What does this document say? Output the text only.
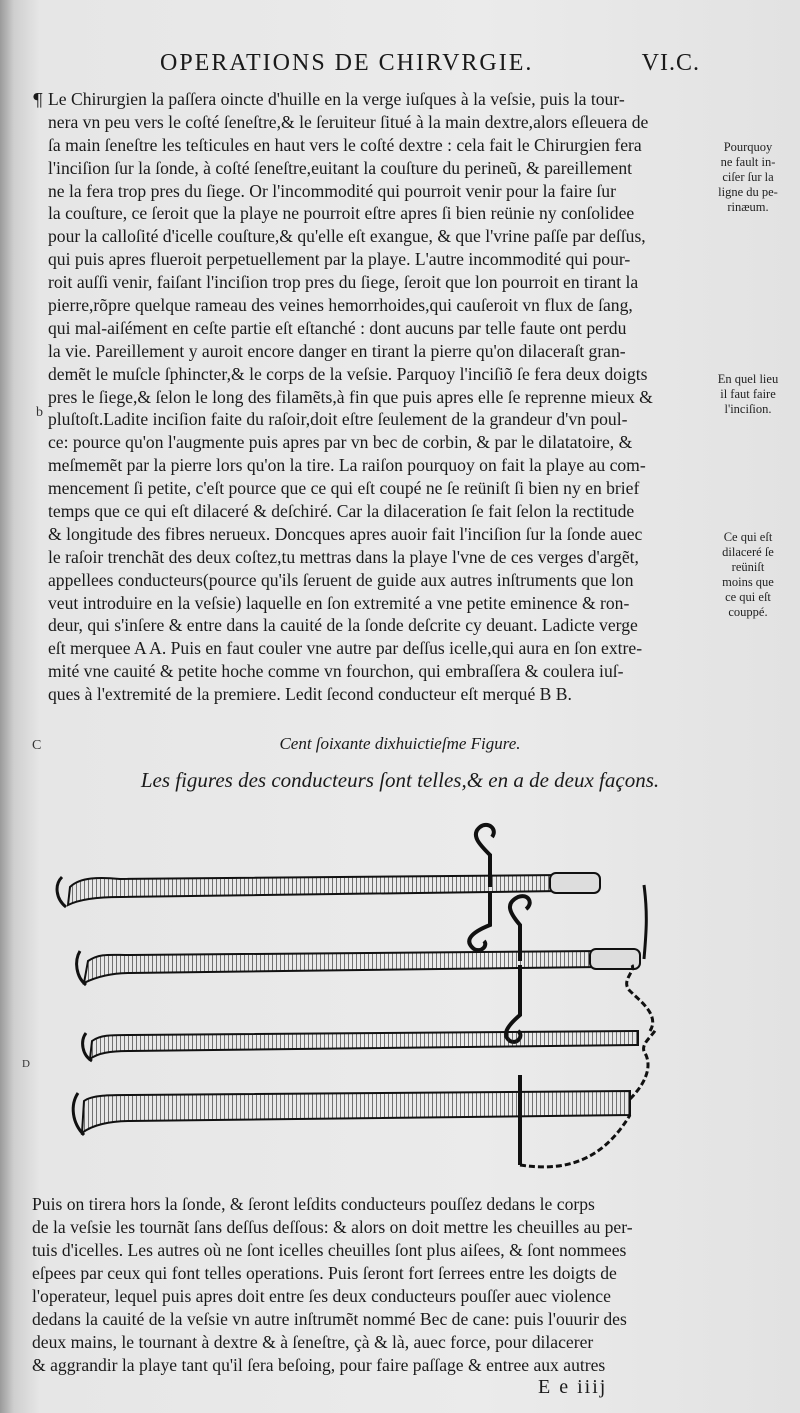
OPERATIONS DE CHIRVRGIE.	VI.C.
¶ Le Chirurgien la paſſera oincte d'huille en la verge iuſques à la veſsie, puis la tour-
nera vn peu vers le coſté ſeneſtre,& le ſeruiteur ſitué à la main dextre,alors eſleuera de
ſa main ſeneſtre les teſticules en haut vers le coſté dextre : cela fait le Chirurgien fera
l'inciſion ſur la ſonde, à coſté ſeneſtre,euitant la couſture du perineũ, & pareillement
ne la fera trop pres du ſiege. Or l'incommodité qui pourroit venir pour la faire ſur
la couſture, ce ſeroit que la playe ne pourroit eſtre apres ſi bien reünie ny conſolidee
pour la calloſité d'icelle couſture,& qu'elle eſt exangue, & que l'vrine paſſe par deſſus,
qui puis apres flueroit perpetuellement par la playe. L'autre incommodité qui pour-
roit auſſi venir, faiſant l'inciſion trop pres du ſiege, ſeroit que lon pourroit en tirant la
pierre,rõpre quelque rameau des veines hemorrhoides,qui cauſeroit vn flux de ſang,
qui mal-aiſément en ceſte partie eſt eſtanché : dont aucuns par telle faute ont perdu
la vie. Pareillement y auroit encore danger en tirant la pierre qu'on dilaceraſt gran-
demẽt le muſcle ſphincter,& le corps de la veſsie. Parquoy l'inciſiõ ſe fera deux doigts
pres le ſiege,& ſelon le long des filamẽts,à fin que puis apres elle ſe reprenne mieux &
pluſtoſt.Ladite inciſion faite du raſoir,doit eſtre ſeulement de la grandeur d'vn poul-
ce: pource qu'on l'augmente puis apres par vn bec de corbin, & par le dilatatoire, &
meſmemẽt par la pierre lors qu'on la tire. La raiſon pourquoy on fait la playe au com-
mencement ſi petite, c'eſt pource que ce qui eſt coupé ne ſe reüniſt ſi bien ny en brief
temps que ce qui eſt dilaceré & deſchiré. Car la dilaceration ſe fait ſelon la rectitude
& longitude des fibres nerueux. Doncques apres auoir fait l'inciſion ſur la ſonde auec
le raſoir trenchãt des deux coſtez,tu mettras dans la playe l'vne de ces verges d'argẽt,
appellees conducteurs(pource qu'ils ſeruent de guide aux autres inſtruments que lon
veut introduire en la veſsie) laquelle en ſon extremité a vne petite eminence & ron-
deur, qui s'inſere & entre dans la cauité de la ſonde deſcrite cy deuant. Ladicte verge
eſt merquee A A. Puis en faut couler vne autre par deſſus icelle,qui aura en ſon extre-
mité vne cauité & petite hoche comme vn fourchon, qui embraſſera & coulera iuſ-
ques à l'extremité de la premiere. Ledit ſecond conducteur eſt merqué B B.
b
C
D
Pourquoy
ne fault in-
ciſer ſur la
ligne du pe-
rinæum.
En quel lieu
il faut faire
l'inciſion.
Ce qui eſt
dilaceré ſe
reüniſt
moins que
ce qui eſt
couppé.
Cent ſoixante dixhuictieſme Figure.
Les figures des conducteurs ſont telles,& en a de deux façons.
Puis on tirera hors la ſonde, & ſeront leſdits conducteurs pouſſez dedans le corps
de la veſsie les tournãt ſans deſſus deſſous: & alors on doit mettre les cheuilles au per-
tuis d'icelles. Les autres où ne ſont icelles cheuilles ſont plus aiſees, & ſont nommees
eſpees par ceux qui font telles operations. Puis ſeront fort ſerrees entre les doigts de
l'operateur, lequel puis apres doit entre ſes deux conducteurs pouſſer auec violence
dedans la cauité de la veſsie vn autre inſtrumẽt nommé Bec de cane: puis l'ouurir des
deux mains, le tournant à dextre & à ſeneſtre, çà & là, auec force, pour dilacerer
& aggrandir la playe tant qu'il ſera beſoing, pour faire paſſage & entree aux autres
E e iiij
